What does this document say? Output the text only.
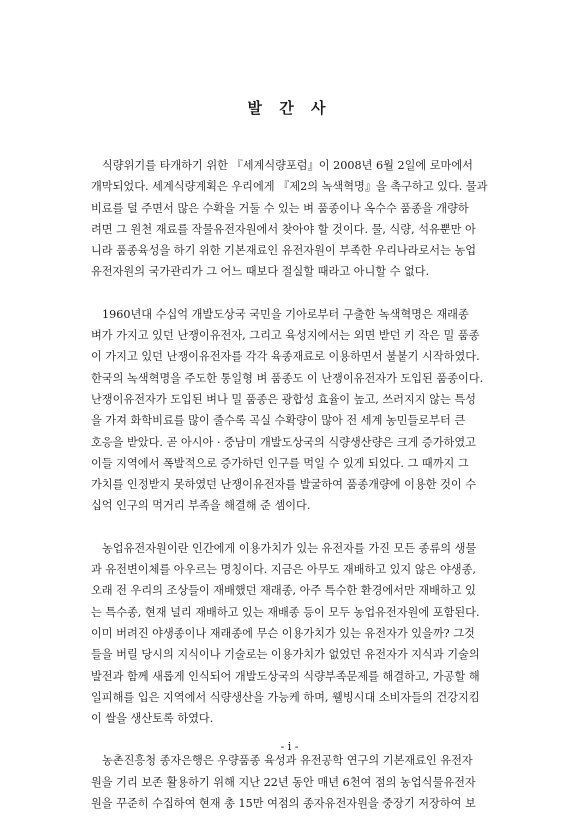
발 간 사
식량위기를 타개하기 위한 『세계식량포럼』이 2008년 6월 2일에 로마에서
개막되었다. 세계식량계획은 우리에게 『제2의 녹색혁명』을 촉구하고 있다. 물과
비료를 덜 주면서 많은 수확을 거둘 수 있는 벼 품종이나 옥수수 품종을 개량하
려면 그 원천 재료를 작물유전자원에서 찾아야 할 것이다. 물, 식량, 석유뿐만 아
니라 품종육성을 하기 위한 기본재료인 유전자원이 부족한 우리나라로서는 농업
유전자원의 국가관리가 그 어느 때보다 절실할 때라고 아니할 수 없다.
1960년대 수십억 개발도상국 국민을 기아로부터 구출한 녹색혁명은 재래종
벼가 가지고 있던 난쟁이유전자, 그리고 육성지에서는 외면 받던 키 작은 밀 품종
이 가지고 있던 난쟁이유전자를 각각 육종재료로 이용하면서 불붙기 시작하였다.
한국의 녹색혁명을 주도한 통일형 벼 품종도 이 난쟁이유전자가 도입된 품종이다.
난쟁이유전자가 도입된 벼나 밀 품종은 광합성 효율이 높고, 쓰러지지 않는 특성
을 가져 화학비료를 많이 줄수록 곡실 수확량이 많아 전 세계 농민들로부터 큰
호응을 받았다. 곧 아시아 · 중남미 개발도상국의 식량생산량은 크게 증가하였고
이들 지역에서 폭발적으로 증가하던 인구를 먹일 수 있게 되었다. 그 때까지 그
가치를 인정받지 못하였던 난쟁이유전자를 발굴하여 품종개량에 이용한 것이 수
십억 인구의 먹거리 부족을 해결해 준 셈이다.
농업유전자원이란 인간에게 이용가치가 있는 유전자를 가진 모든 종류의 생물
과 유전변이체를 아우르는 명칭이다. 지금은 아무도 재배하고 있지 않은 야생종,
오래 전 우리의 조상들이 재배했던 재래종, 아주 특수한 환경에서만 재배하고 있
는 특수종, 현재 널리 재배하고 있는 재배종 등이 모두 농업유전자원에 포함된다.
이미 버려진 야생종이나 재래종에 무슨 이용가치가 있는 유전자가 있을까? 그것
들을 버릴 당시의 지식이나 기술로는 이용가치가 없었던 유전자가 지식과 기술의
발전과 함께 새롭게 인식되어 개발도상국의 식량부족문제를 해결하고, 가공할 해
일피해를 입은 지역에서 식량생산을 가능케 하며, 웰빙시대 소비자들의 건강지킴
이 쌀을 생산토록 하였다.
농촌진흥청 종자은행은 우량품종 육성과 유전공학 연구의 기본재료인 유전자
원을 기리 보존 활용하기 위해 지난 22년 동안 매년 6천여 점의 농업식물유전자
원을 꾸준히 수집하여 현재 총 15만 여점의 종자유전자원을 중장기 저장하여 보
- i -
